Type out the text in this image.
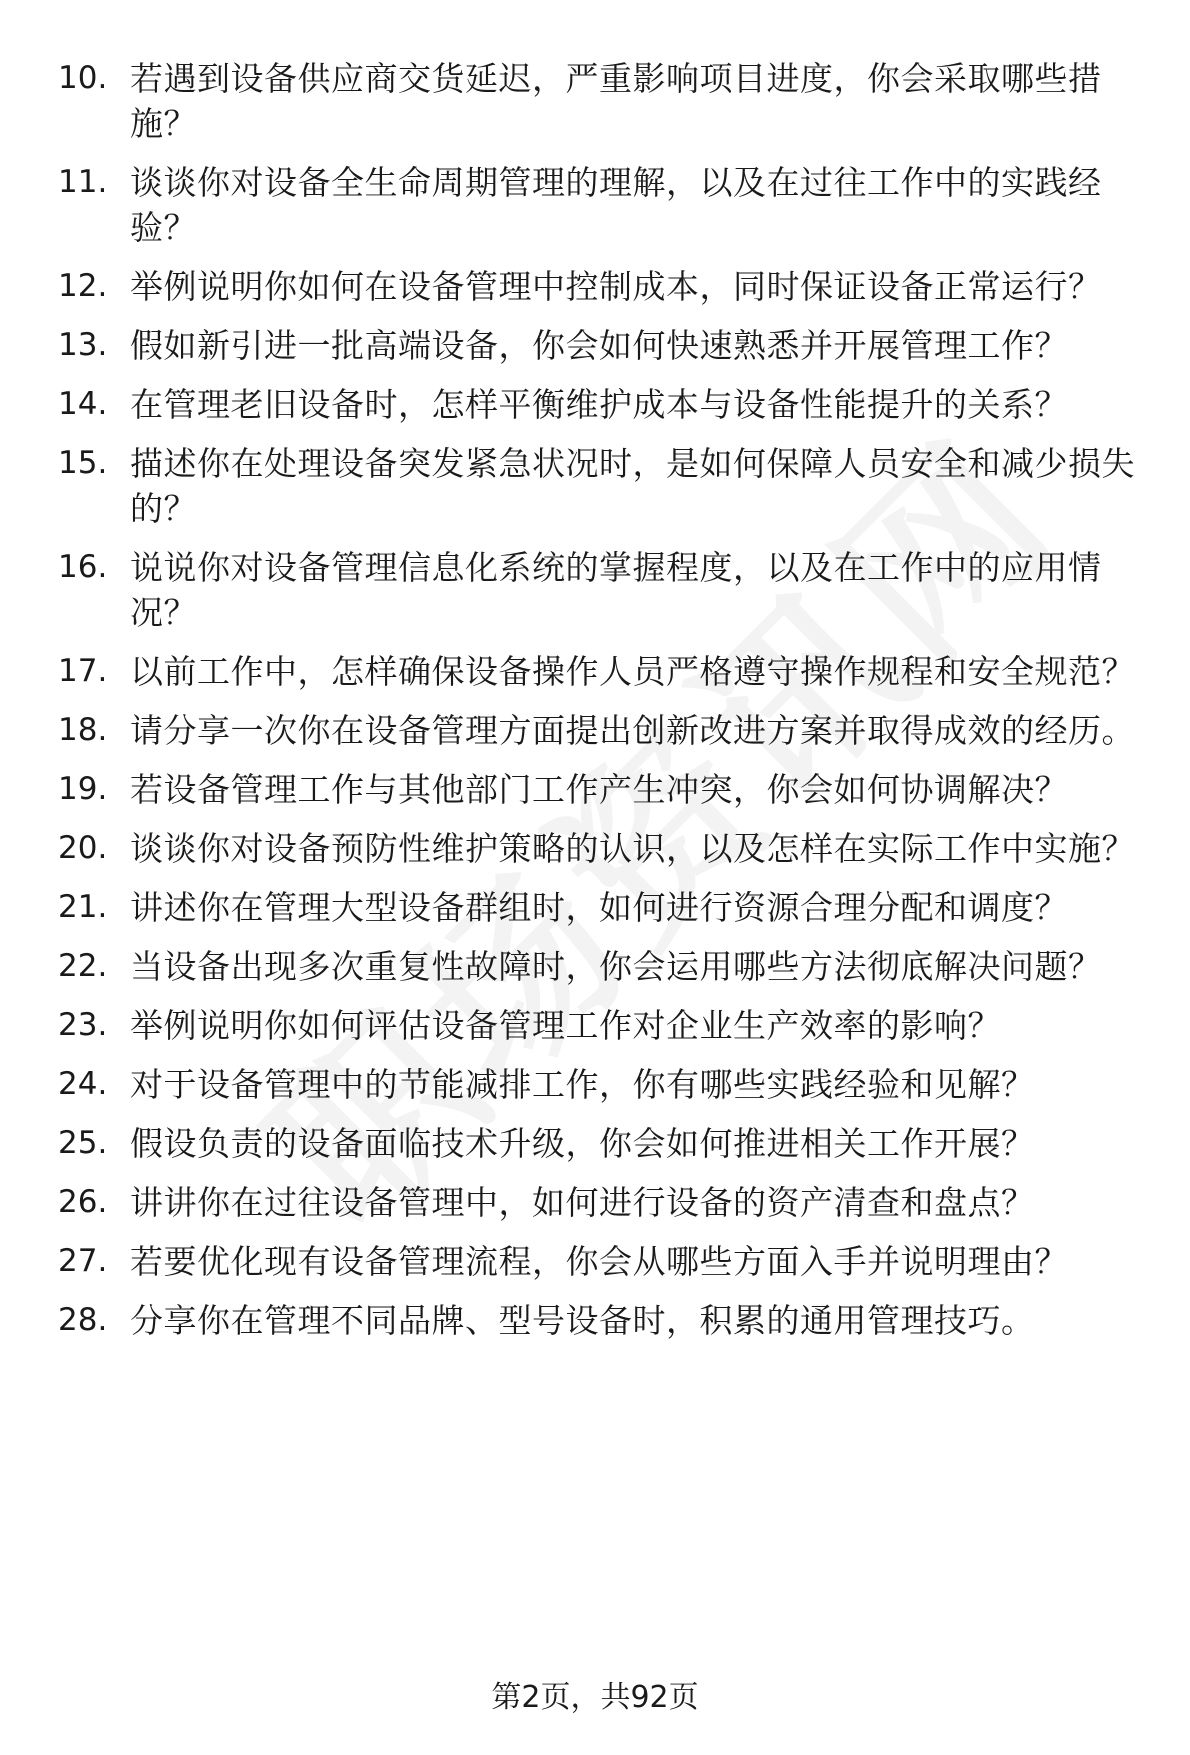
10. 若遇到设备供应商交货延迟，严重影响项目进度，你会采取哪些措施？
11. 谈谈你对设备全生命周期管理的理解，以及在过往工作中的实践经验？
12. 举例说明你如何在设备管理中控制成本，同时保证设备正常运行？
13. 假如新引进一批高端设备，你会如何快速熟悉并开展管理工作？
14. 在管理老旧设备时，怎样平衡维护成本与设备性能提升的关系？
15. 描述你在处理设备突发紧急状况时，是如何保障人员安全和减少损失的？
16. 说说你对设备管理信息化系统的掌握程度，以及在工作中的应用情况？
17. 以前工作中，怎样确保设备操作人员严格遵守操作规程和安全规范？
18. 请分享一次你在设备管理方面提出创新改进方案并取得成效的经历。
19. 若设备管理工作与其他部门工作产生冲突，你会如何协调解决？
20. 谈谈你对设备预防性维护策略的认识，以及怎样在实际工作中实施？
21. 讲述你在管理大型设备群组时，如何进行资源合理分配和调度？
22. 当设备出现多次重复性故障时，你会运用哪些方法彻底解决问题？
23. 举例说明你如何评估设备管理工作对企业生产效率的影响？
24. 对于设备管理中的节能减排工作，你有哪些实践经验和见解？
25. 假设负责的设备面临技术升级，你会如何推进相关工作开展？
26. 讲讲你在过往设备管理中，如何进行设备的资产清查和盘点？
27. 若要优化现有设备管理流程，你会从哪些方面入手并说明理由？
28. 分享你在管理不同品牌、型号设备时，积累的通用管理技巧。
第2页，共92页
